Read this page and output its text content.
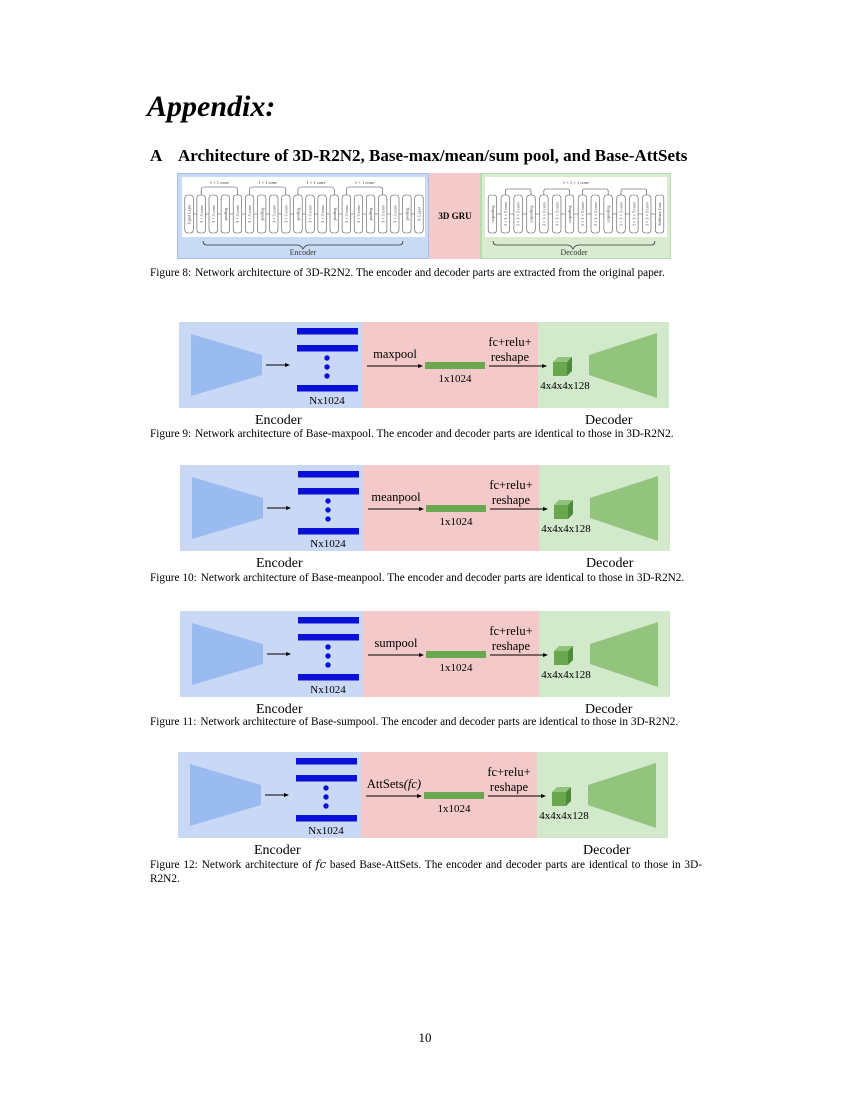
Appendix:
A Architecture of 3D-R2N2, Base-max/mean/sum pool, and Base-AttSets
Input Layer 3 × 3 conv 3 × 3 conv pooling 3 × 3 conv 3 × 3 conv pooling 3 × 3 conv 3 × 3 conv pooling 3 × 3 conv 3 × 3 conv pooling 3 × 3 conv 3 × 3 conv pooling 3 × 3 conv 3 × 3 conv pooling fc Layer
1 × 1 conv	1 × 1 conv	1 × 1 conv	1 × 1 conv
unpooling 3 × 3 × 3 conv 3 × 3 × 3 conv unpooling 3 × 3 × 3 conv 3 × 3 × 3 conv unpooling 3 × 3 × 3 conv 3 × 3 × 3 conv unpooling 3 × 3 × 3 conv 3 × 3 × 3 conv 3 × 3 × 3 conv Softmax Loss
1 × 1 × 1 conv
3D GRU
Encoder	Decoder
Figure 8: Network architecture of 3D-R2N2. The encoder and decoder parts are extracted from the original paper.
Nx1024
maxpool
1x1024
fc+relu+
reshape
4x4x4x128
Encoder	Decoder
Figure 9: Network architecture of Base-maxpool. The encoder and decoder parts are identical to those in 3D-R2N2.
Nx1024
meanpool
1x1024
fc+relu+
reshape
4x4x4x128
Encoder	Decoder
Figure 10: Network architecture of Base-meanpool. The encoder and decoder parts are identical to those in 3D-R2N2.
Nx1024
sumpool
1x1024
fc+relu+
reshape
4x4x4x128
Encoder	Decoder
Figure 11: Network architecture of Base-sumpool. The encoder and decoder parts are identical to those in 3D-R2N2.
Nx1024
AttSets(fc)
1x1024
fc+relu+
reshape
4x4x4x128
Encoder	Decoder
Figure 12: Network architecture of fc based Base-AttSets. The encoder and decoder parts are identical to those in 3D-R2N2.
10
